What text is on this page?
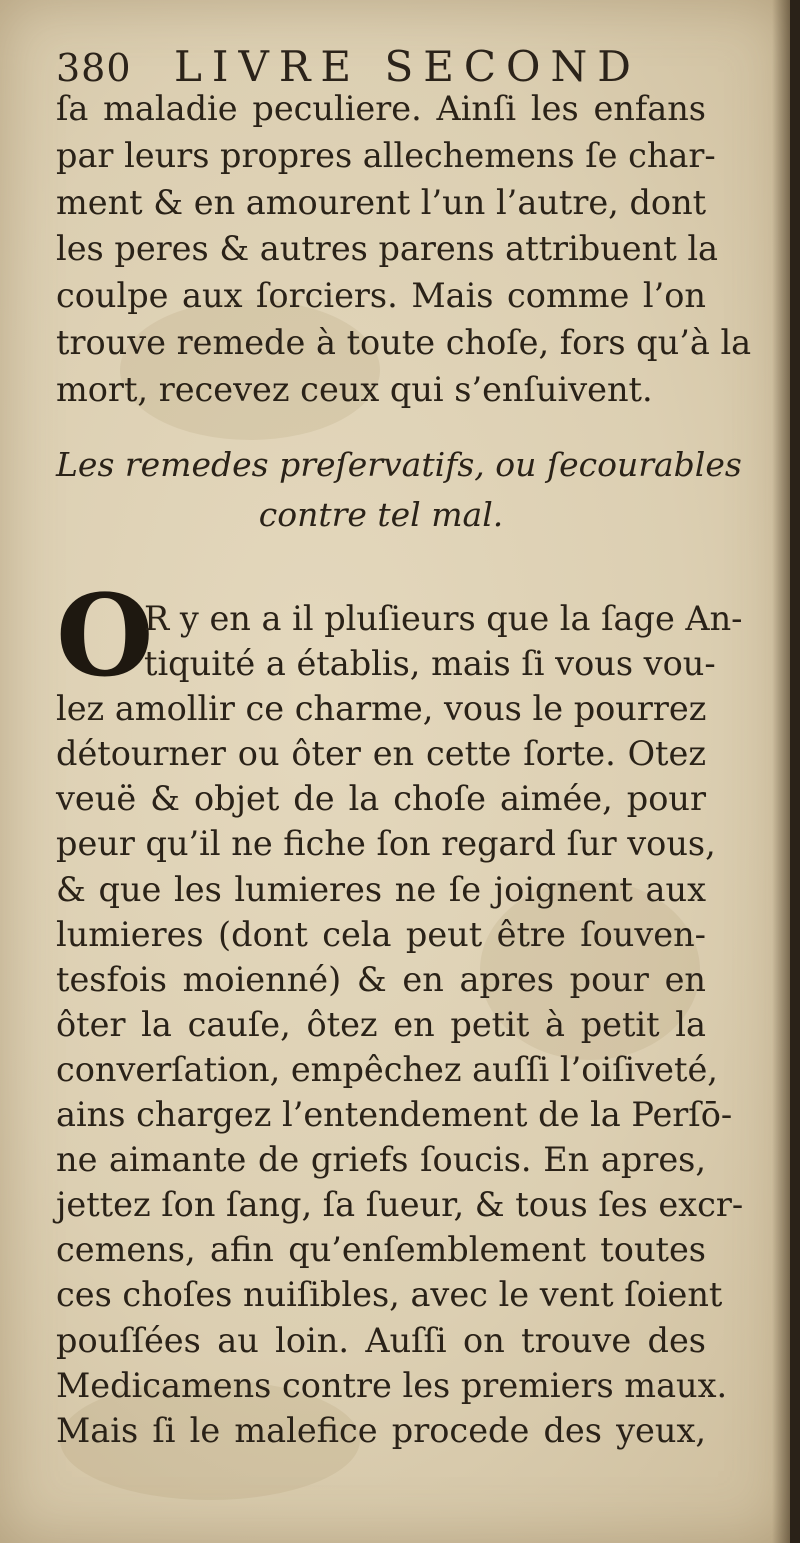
380 LIVRE SECOND
ſa maladie peculiere. Ainſi les enfans
par leurs propres allechemens ſe char-
ment & en amourent l’un l’autre, dont
les peres & autres parens attribuent la
coulpe aux ſorciers. Mais comme l’on
trouve remede à toute choſe, fors qu’à la
mort, recevez ceux qui s’enſuivent.
Les remedes preſervatifs, ou ſecourables
contre tel mal.
O
R y en a il pluſieurs que la ſage An-
tiquité a établis, mais ſi vous vou-
lez amollir ce charme, vous le pourrez
détourner ou ôter en cette ſorte. Otez
veuë & objet de la choſe aimée, pour
peur qu’il ne fiche ſon regard ſur vous,
& que les lumieres ne ſe joignent aux
lumieres (dont cela peut être ſouven-
tesfois moienné) & en apres pour en
ôter la cauſe, ôtez en petit à petit la
converſation, empêchez auſſi l’oiſiveté,
ains chargez l’entendement de la Perſō-
ne aimante de griefs ſoucis. En apres,
jettez ſon ſang, ſa ſueur, & tous ſes excr-
cemens, afin qu’enſemblement toutes
ces choſes nuiſibles, avec le vent ſoient
pouſſées au loin. Auſſi on trouve des
Medicamens contre les premiers maux.
Mais ſi le malefice procede des yeux,
